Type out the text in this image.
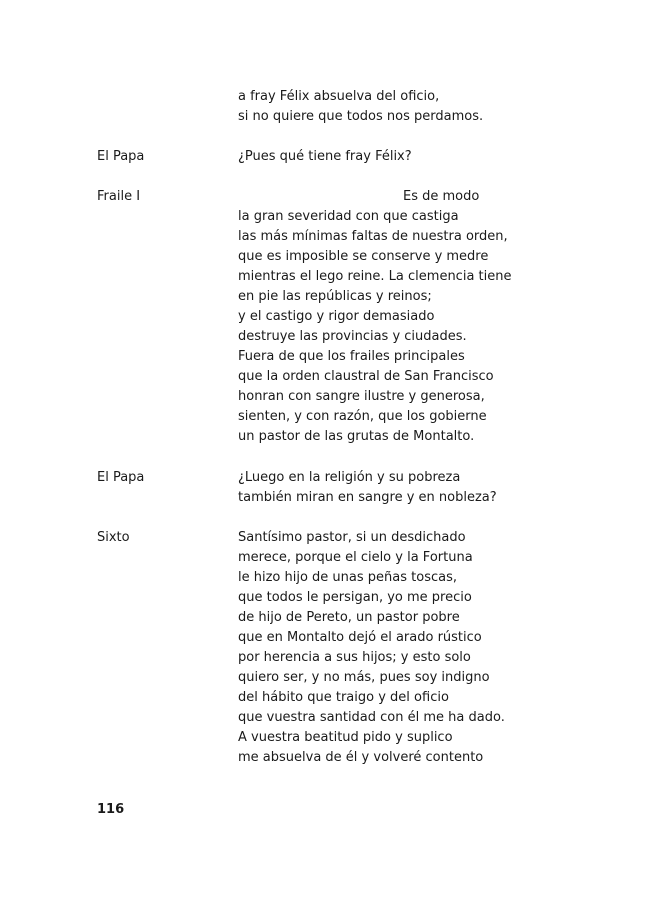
a fray Félix absuelva del oficio,
si no quiere que todos nos perdamos.
El Papa	¿Pues qué tiene fray Félix?
Fraile I	Es de modo
la gran severidad con que castiga
las más mínimas faltas de nuestra orden,
que es imposible se conserve y medre
mientras el lego reine. La clemencia tiene
en pie las repúblicas y reinos;
y el castigo y rigor demasiado
destruye las provincias y ciudades.
Fuera de que los frailes principales
que la orden claustral de San Francisco
honran con sangre ilustre y generosa,
sienten, y con razón, que los gobierne
un pastor de las grutas de Montalto.
El Papa	¿Luego en la religión y su pobreza
también miran en sangre y en nobleza?
Sixto	Santísimo pastor, si un desdichado
merece, porque el cielo y la Fortuna
le hizo hijo de unas peñas toscas,
que todos le persigan, yo me precio
de hijo de Pereto, un pastor pobre
que en Montalto dejó el arado rústico
por herencia a sus hijos; y esto solo
quiero ser, y no más, pues soy indigno
del hábito que traigo y del oficio
que vuestra santidad con él me ha dado.
A vuestra beatitud pido y suplico
me absuelva de él y volveré contento
116
